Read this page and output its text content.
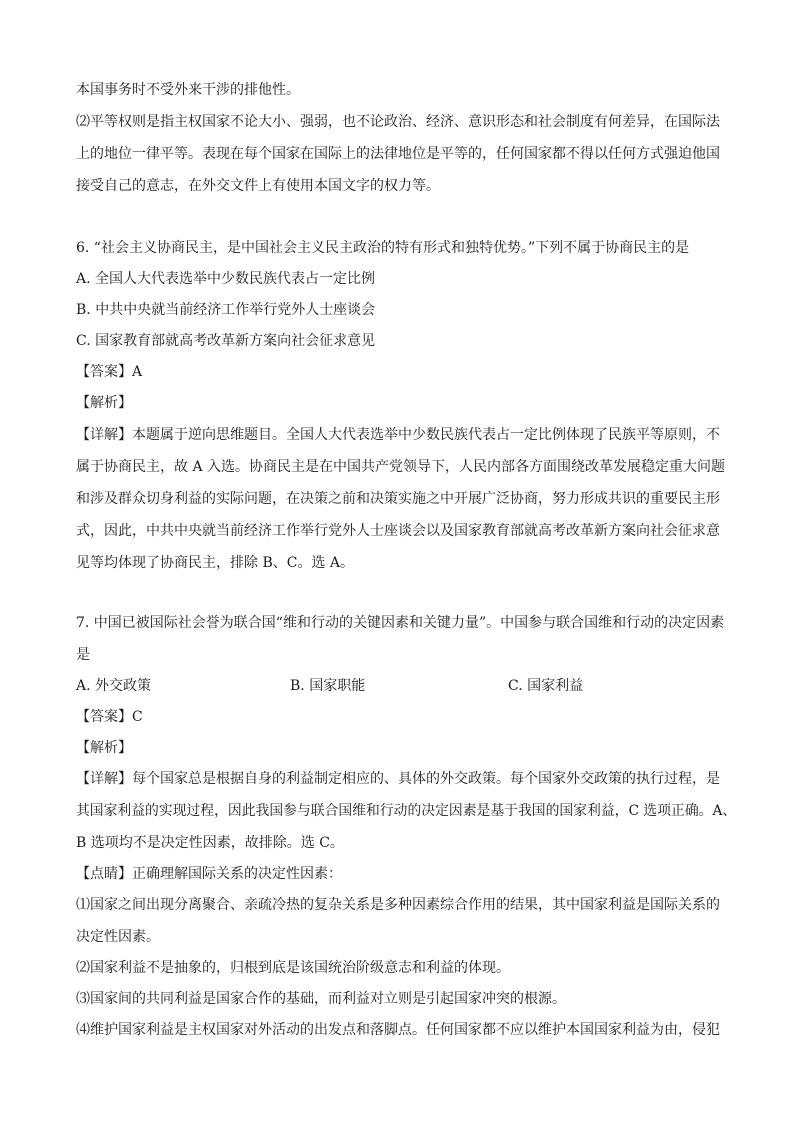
本国事务时不受外来干涉的排他性。
⑵平等权则是指主权国家不论大小、强弱，也不论政治、经济、意识形态和社会制度有何差异，在国际法
上的地位一律平等。表现在每个国家在国际上的法律地位是平等的，任何国家都不得以任何方式强迫他国
接受自己的意志，在外交文件上有使用本国文字的权力等。
6. “社会主义协商民主，是中国社会主义民主政治的特有形式和独特优势。”下列不属于协商民主的是
A. 全国人大代表选举中少数民族代表占一定比例
B. 中共中央就当前经济工作举行党外人士座谈会
C. 国家教育部就高考改革新方案向社会征求意见
【答案】A
【解析】
【详解】本题属于逆向思维题目。全国人大代表选举中少数民族代表占一定比例体现了民族平等原则，不
属于协商民主，故 A 入选。协商民主是在中国共产党领导下，人民内部各方面围绕改革发展稳定重大问题
和涉及群众切身利益的实际问题，在决策之前和决策实施之中开展广泛协商，努力形成共识的重要民主形
式，因此，中共中央就当前经济工作举行党外人士座谈会以及国家教育部就高考改革新方案向社会征求意
见等均体现了协商民主，排除 B、C。选 A。
7. 中国已被国际社会誉为联合国“维和行动的关键因素和关键力量”。中国参与联合国维和行动的决定因素
是
A. 外交政策	B. 国家职能	C. 国家利益
【答案】C
【解析】
【详解】每个国家总是根据自身的利益制定相应的、具体的外交政策。每个国家外交政策的执行过程，是
其国家利益的实现过程，因此我国参与联合国维和行动的决定因素是基于我国的国家利益，C 选项正确。A、
B 选项均不是决定性因素，故排除。选 C。
【点睛】正确理解国际关系的决定性因素：
⑴国家之间出现分离聚合、亲疏冷热的复杂关系是多种因素综合作用的结果，其中国家利益是国际关系的
决定性因素。
⑵国家利益不是抽象的，归根到底是该国统治阶级意志和利益的体现。
⑶国家间的共同利益是国家合作的基础，而利益对立则是引起国家冲突的根源。
⑷维护国家利益是主权国家对外活动的出发点和落脚点。任何国家都不应以维护本国国家利益为由，侵犯
